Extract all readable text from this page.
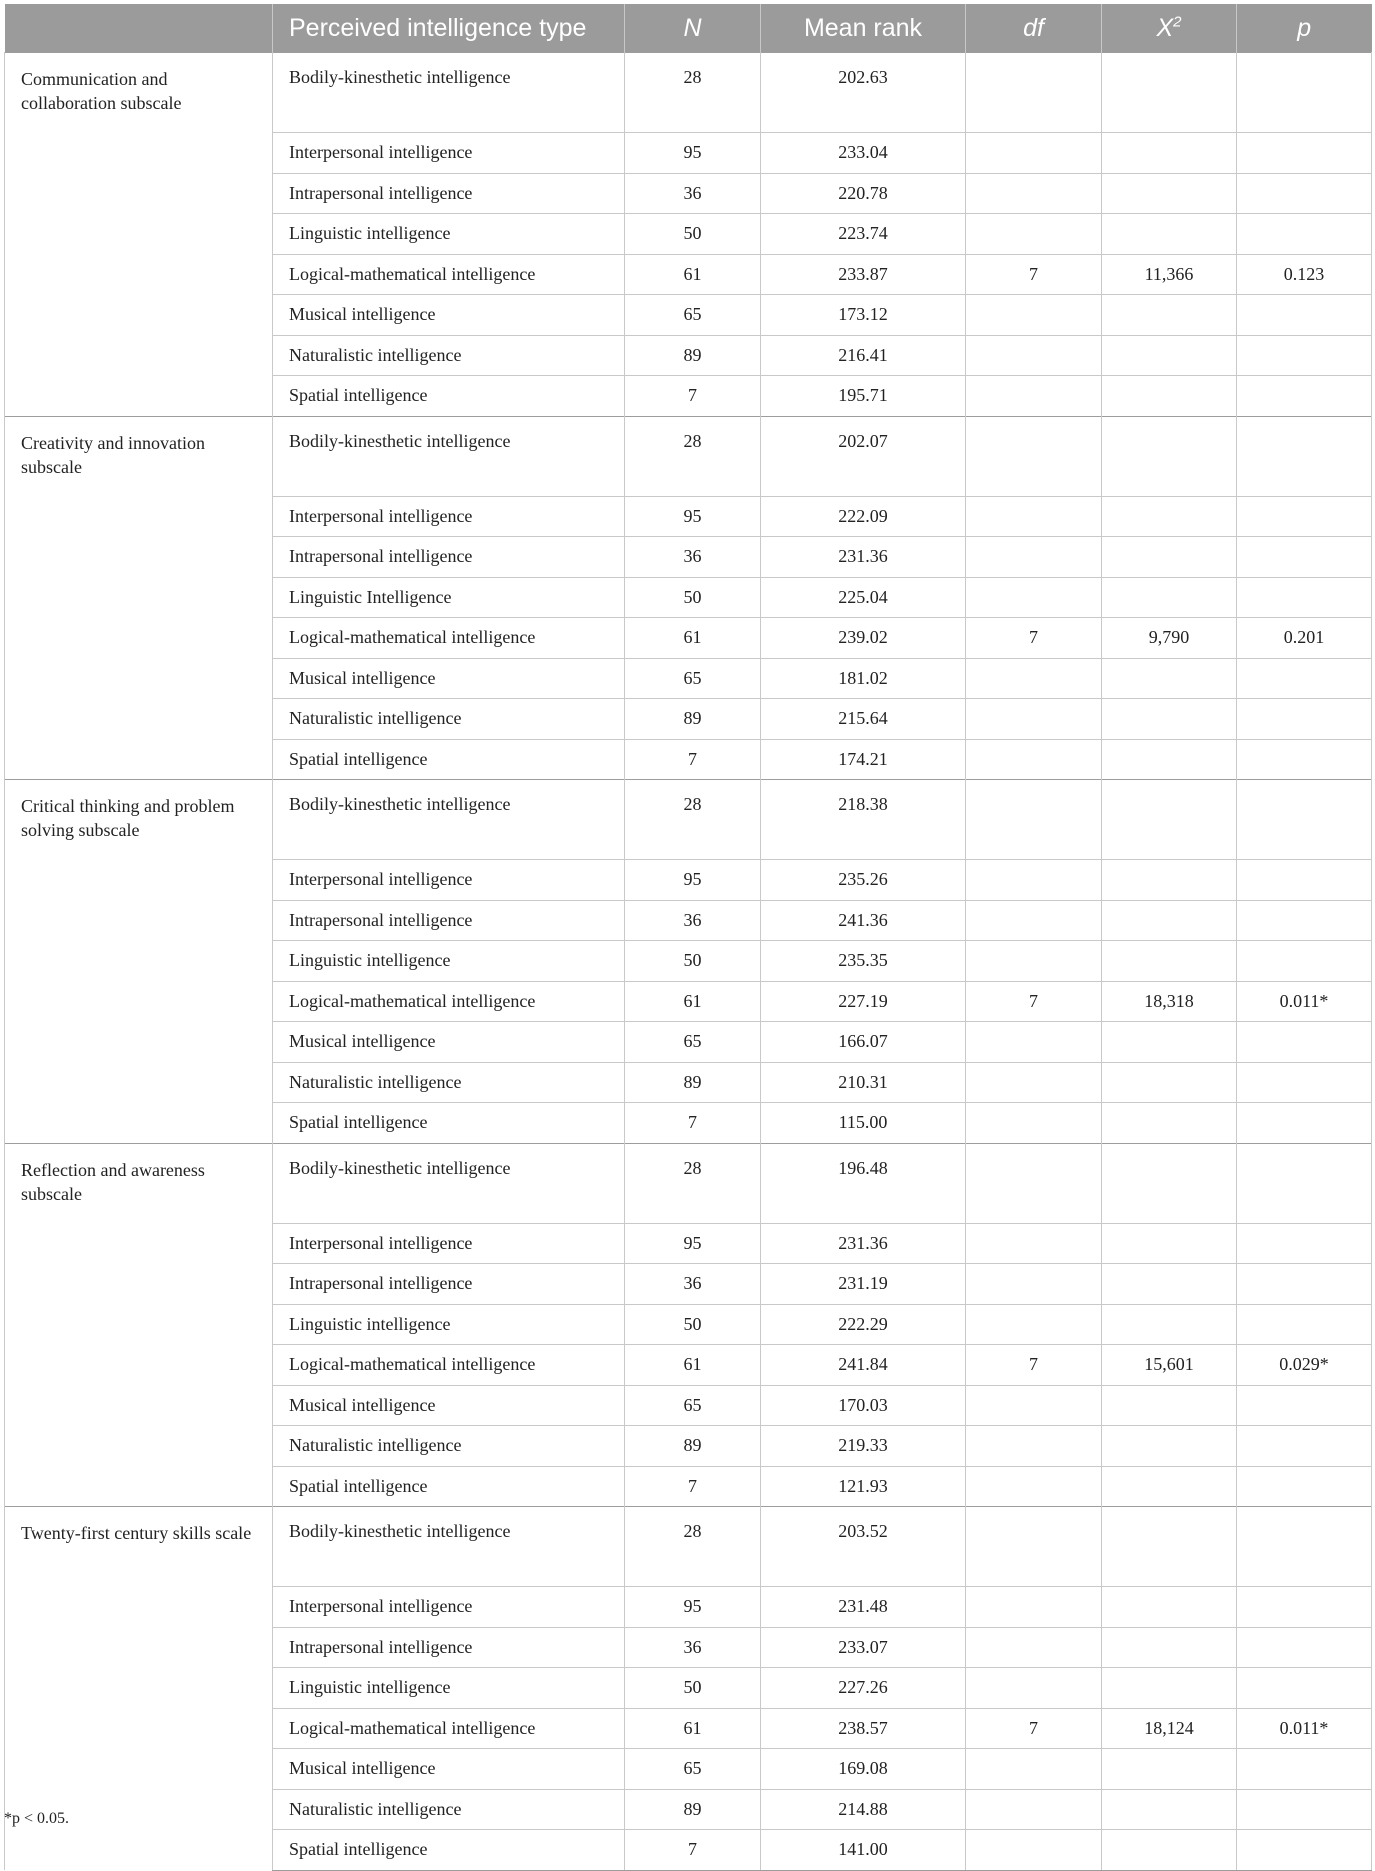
	Perceived intelligence type	N	Mean rank	df	$X^2$	p
Communication and collaboration subscale	Bodily-kinesthetic intelligence	28	202.63			
	Interpersonal intelligence	95	233.04			
	Intrapersonal intelligence	36	220.78			
	Linguistic intelligence	50	223.74			
	Logical-mathematical intelligence	61	233.87	7	11,366	0.123
	Musical intelligence	65	173.12			
	Naturalistic intelligence	89	216.41			
	Spatial intelligence	7	195.71			
Creativity and innovation subscale	Bodily-kinesthetic intelligence	28	202.07			
	Interpersonal intelligence	95	222.09			
	Intrapersonal intelligence	36	231.36			
	Linguistic Intelligence	50	225.04			
	Logical-mathematical intelligence	61	239.02	7	9,790	0.201
	Musical intelligence	65	181.02			
	Naturalistic intelligence	89	215.64			
	Spatial intelligence	7	174.21			
Critical thinking and problem solving subscale	Bodily-kinesthetic intelligence	28	218.38			
	Interpersonal intelligence	95	235.26			
	Intrapersonal intelligence	36	241.36			
	Linguistic intelligence	50	235.35			
	Logical-mathematical intelligence	61	227.19	7	18,318	0.011*
	Musical intelligence	65	166.07			
	Naturalistic intelligence	89	210.31			
	Spatial intelligence	7	115.00			
Reflection and awareness subscale	Bodily-kinesthetic intelligence	28	196.48			
	Interpersonal intelligence	95	231.36			
	Intrapersonal intelligence	36	231.19			
	Linguistic intelligence	50	222.29			
	Logical-mathematical intelligence	61	241.84	7	15,601	0.029*
	Musical intelligence	65	170.03			
	Naturalistic intelligence	89	219.33			
	Spatial intelligence	7	121.93			
Twenty-first century skills scale	Bodily-kinesthetic intelligence	28	203.52			
	Interpersonal intelligence	95	231.48			
	Intrapersonal intelligence	36	233.07			
	Linguistic intelligence	50	227.26			
	Logical-mathematical intelligence	61	238.57	7	18,124	0.011*
	Musical intelligence	65	169.08			
	Naturalistic intelligence	89	214.88			
	Spatial intelligence	7	141.00			
*p < 0.05.
